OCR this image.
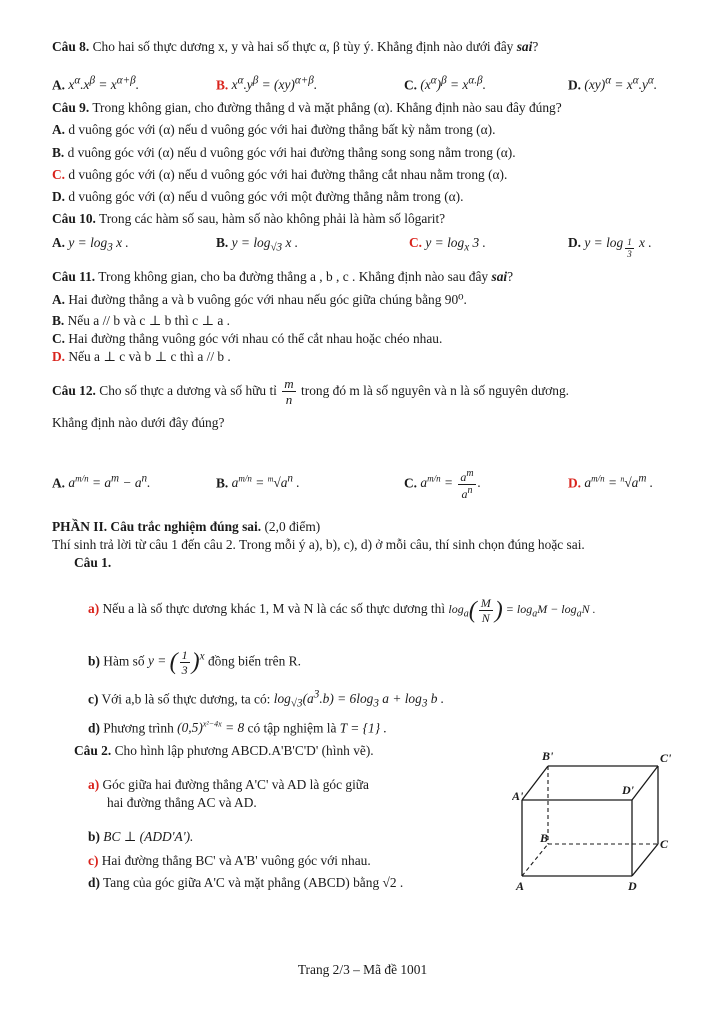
Câu 8. Cho hai số thực dương x, y và hai số thực α, β tùy ý. Khẳng định nào dưới đây sai?
A. $x^\alpha.x^\beta = x^{\alpha+\beta}$.	B. $x^\alpha.y^\beta = (xy)^{\alpha+\beta}$.	C. $(x^\alpha)^\beta = x^{\alpha.\beta}$.	D. $(xy)^\alpha = x^\alpha.y^\alpha$.
Câu 9. Trong không gian, cho đường thẳng d và mặt phẳng (α). Khẳng định nào sau đây đúng?
A. d vuông góc với (α) nếu d vuông góc với hai đường thẳng bất kỳ nằm trong (α).
B. d vuông góc với (α) nếu d vuông góc với hai đường thẳng song song nằm trong (α).
C. d vuông góc với (α) nếu d vuông góc với hai đường thẳng cắt nhau nằm trong (α).
D. d vuông góc với (α) nếu d vuông góc với một đường thẳng nằm trong (α).
Câu 10. Trong các hàm số sau, hàm số nào không phải là hàm số lôgarit?
A. $y = \log_3 x$ .	B. $y = \log_{√3} x$ .	C. $y = \log_x 3$ .	D. y = log $_{\frac{1}{3}}$ x .
Câu 11. Trong không gian, cho ba đường thẳng a , b , c . Khẳng định nào sau đây sai?
A. Hai đường thẳng a và b vuông góc với nhau nếu góc giữa chúng bằng 90⁰.
B. Nếu a // b và c ⊥ b thì c ⊥ a .
C. Hai đường thẳng vuông góc với nhau có thể cắt nhau hoặc chéo nhau.
D. Nếu a ⊥ c và b ⊥ c thì a // b .
Câu 12. Cho số thực a dương và số hữu tỉ $\frac{m}{n}$ trong đó m là số nguyên và n là số nguyên dương.
Khẳng định nào dưới đây đúng?
A. $a^{m/n} = a^m - a^n$.	B. $a^{m/n} = ^m√a^n$ .	C. $a^{m/n} = \frac{a^m}{a^n}$ .	D. $a^{m/n} = ^n√a^m$ .
PHẦN II. Câu trắc nghiệm đúng sai. (2,0 điểm)
Thí sinh trả lời từ câu 1 đến câu 2. Trong mỗi ý a), b), c), d) ở mỗi câu, thí sinh chọn đúng hoặc sai.
Câu 1.
a) Nếu a là số thực dương khác 1, M và N là các số thực dương thì $\log_a( \frac{M}{N}$ ) = $\log_aM - \log_aN$ .
b) Hàm số y = ( $\frac{1}{3} )^x$ đồng biến trên R.
c) Với a,b là số thực dương, ta có: $\log_{√3}(a^3.b) = 6\log_3$ $a + \log_3 b$ .
d) Phương trình $(0,5)^{x^2-4x} = 8$ có tập nghiệm là T = {1} .
Câu 2. Cho hình lập phương ABCD.A'B'C'D' (hình vẽ).
a) Góc giữa hai đường thẳng A'C' và AD là góc giữa
hai đường thẳng AC và AD.
b) BC ⊥ (ADD'A').
c) Hai đường thẳng BC' và A'B' vuông góc với nhau.
d) Tang của góc giữa A'C và mặt phẳng (ABCD) bằng √2 .
B'	C'
A'	D'
B	C
A	D
Trang 2/3 – Mã đề 1001
